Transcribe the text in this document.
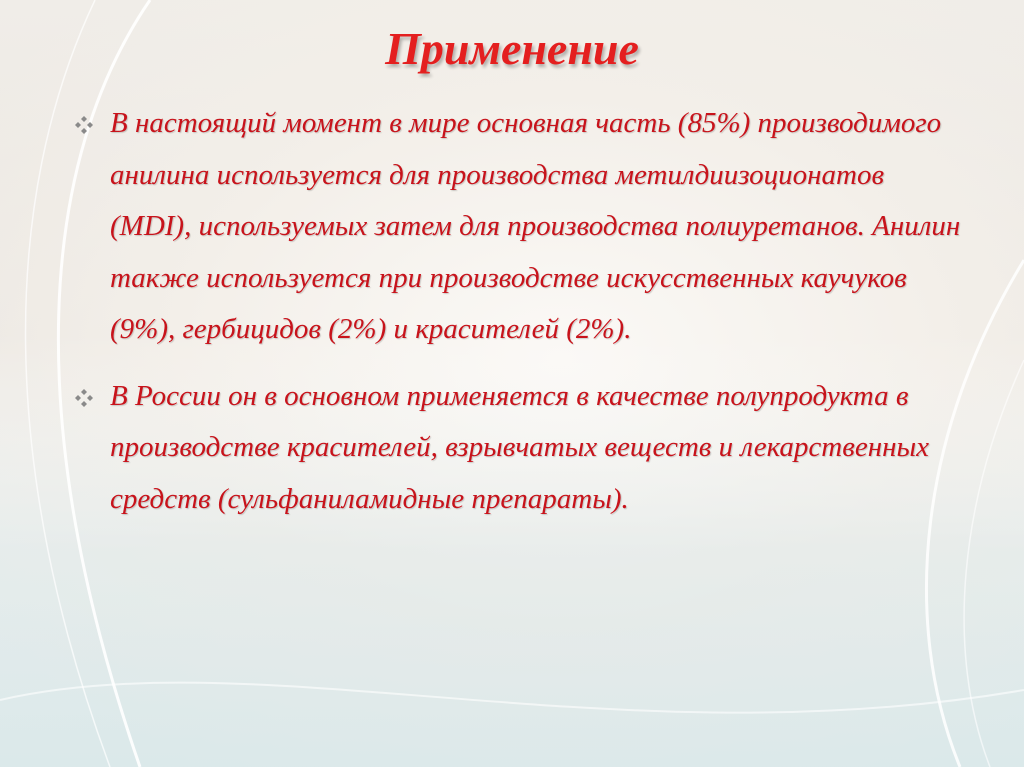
Применение
В настоящий момент в мире основная часть (85%) производимого анилина используется для производства метилдиизоционатов (MDI), используемых затем для производства полиуретанов. Анилин также используется при производстве искусственных каучуков (9%), гербицидов (2%) и красителей (2%).
В России он в основном применяется в качестве полупродукта в производстве красителей, взрывчатых веществ и лекарственных средств (сульфаниламидные препараты).
